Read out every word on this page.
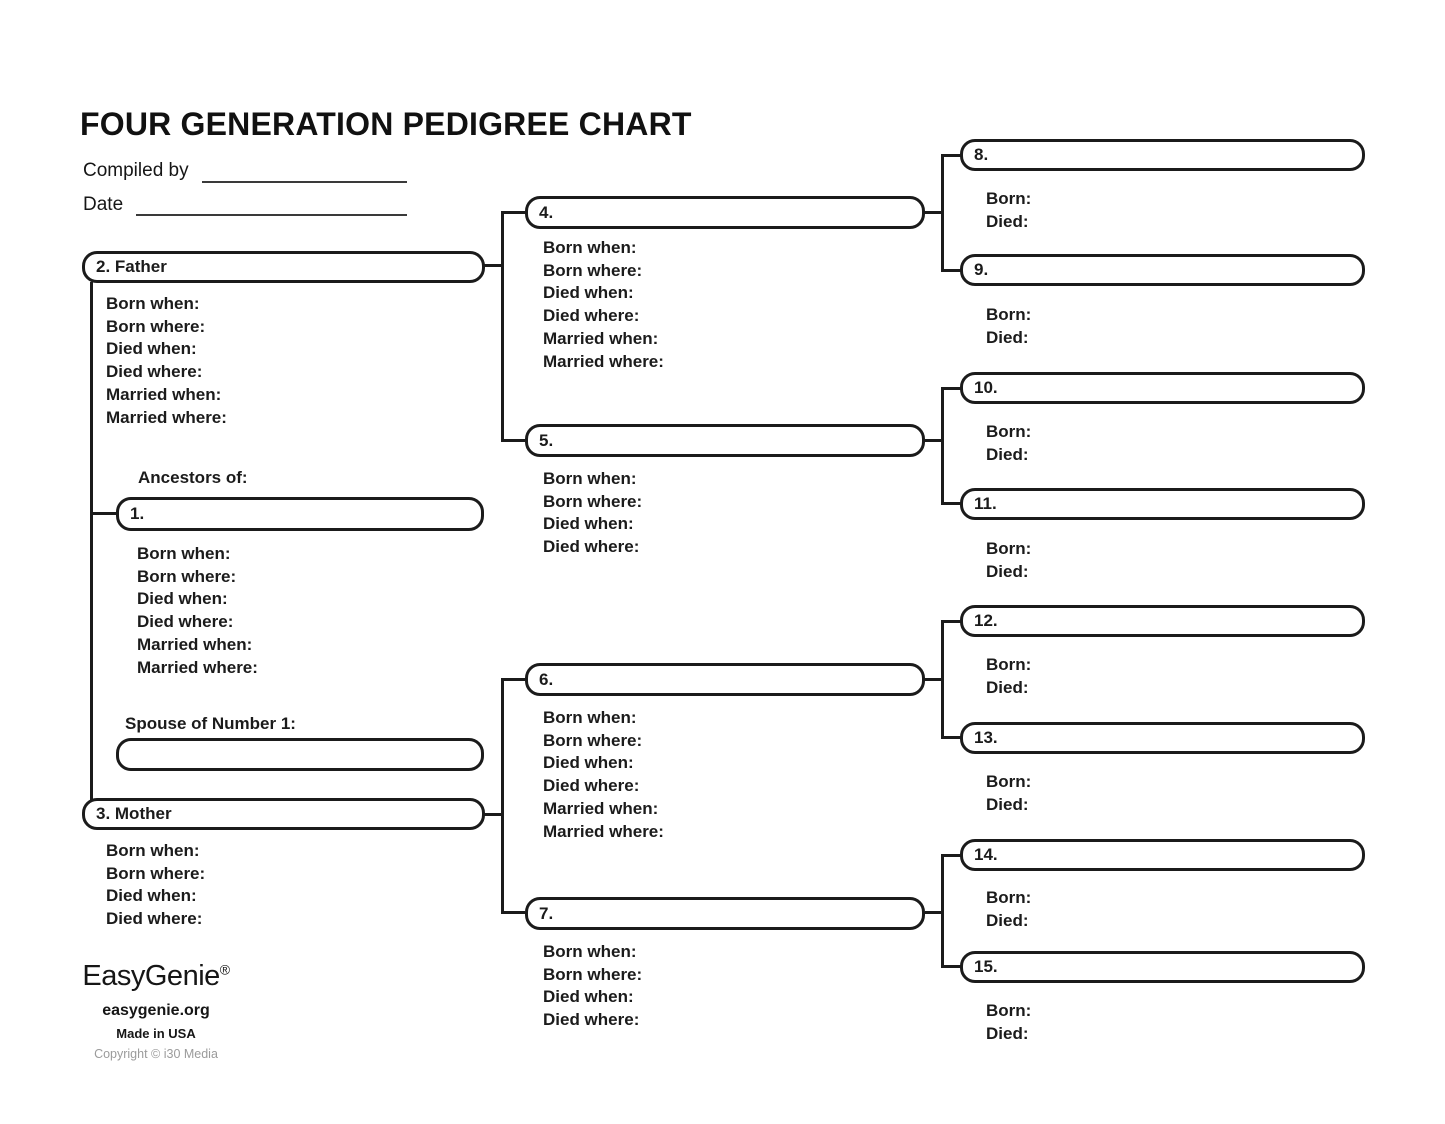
FOUR GENERATION PEDIGREE CHART
Compiled by
Date
2. Father
Born when:
Born where:
Died when:
Died where:
Married when:
Married where:
Ancestors of:
1.
Born when:
Born where:
Died when:
Died where:
Married when:
Married where:
Spouse of Number 1:
3. Mother
Born when:
Born where:
Died when:
Died where:
4.
Born when:
Born where:
Died when:
Died where:
Married when:
Married where:
5.
Born when:
Born where:
Died when:
Died where:
6.
Born when:
Born where:
Died when:
Died where:
Married when:
Married where:
7.
Born when:
Born where:
Died when:
Died where:
8.
Born:
Died:
9.
Born:
Died:
10.
Born:
Died:
11.
Born:
Died:
12.
Born:
Died:
13.
Born:
Died:
14.
Born:
Died:
15.
Born:
Died:
EasyGenie®
easygenie.org
Made in USA
Copyright © i30 Media
